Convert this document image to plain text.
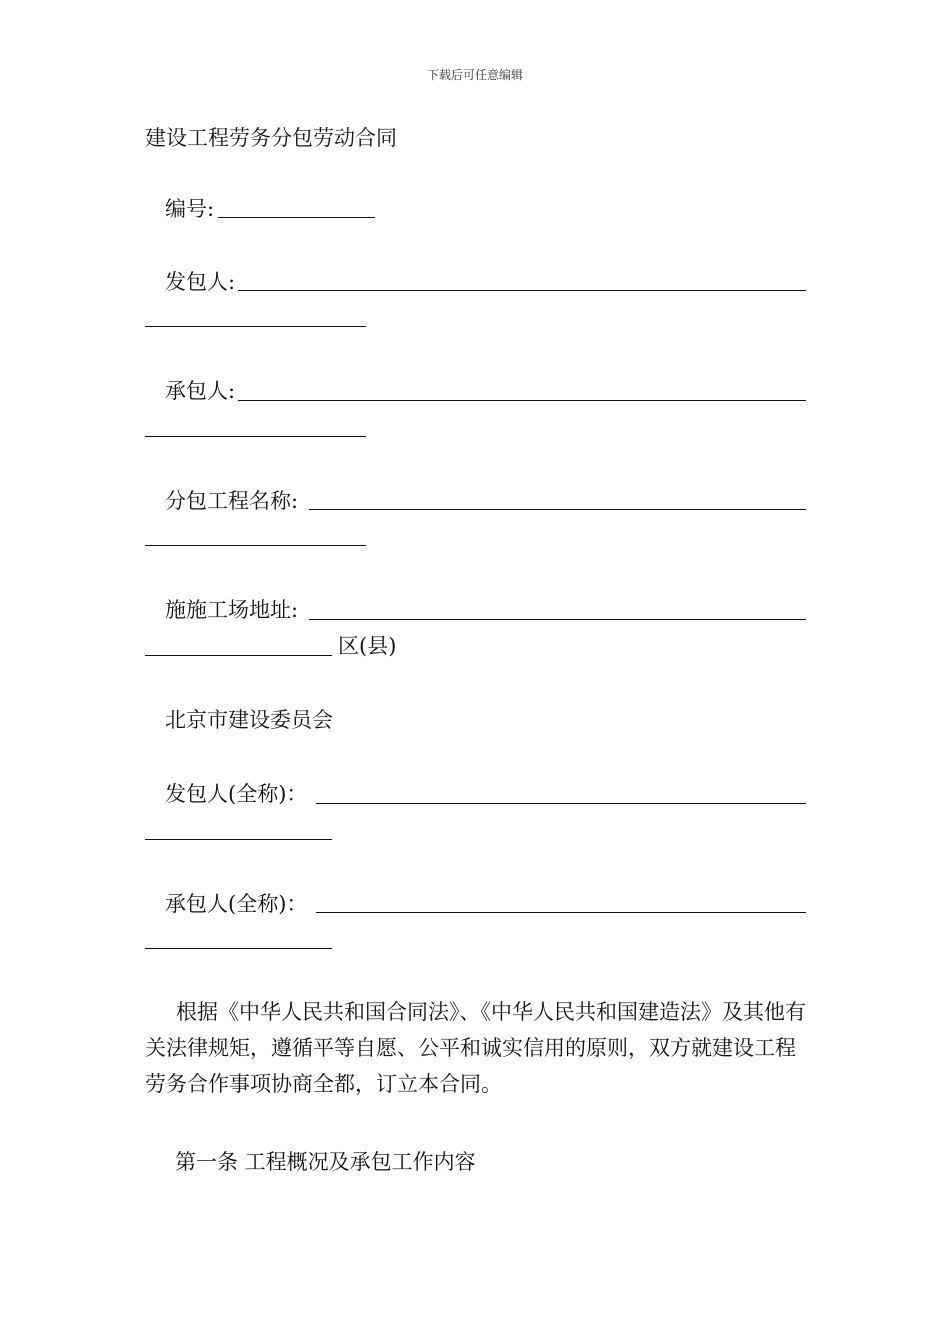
下载后可任意编辑
建设工程劳务分包劳动合同
编号:
发包人:
承包人:
分包工程名称:
施施工场地址:
区(县)
北京市建设委员会
发包人(全称)：
承包人(全称)：
根据《中华人民共和国合同法》、《中华人民共和国建造法》及其他有关法律规矩，遵循平等自愿、公平和诚实信用的原则，双方就建设工程劳务合作事项协商全都，订立本合同。
第一条 工程概况及承包工作内容
